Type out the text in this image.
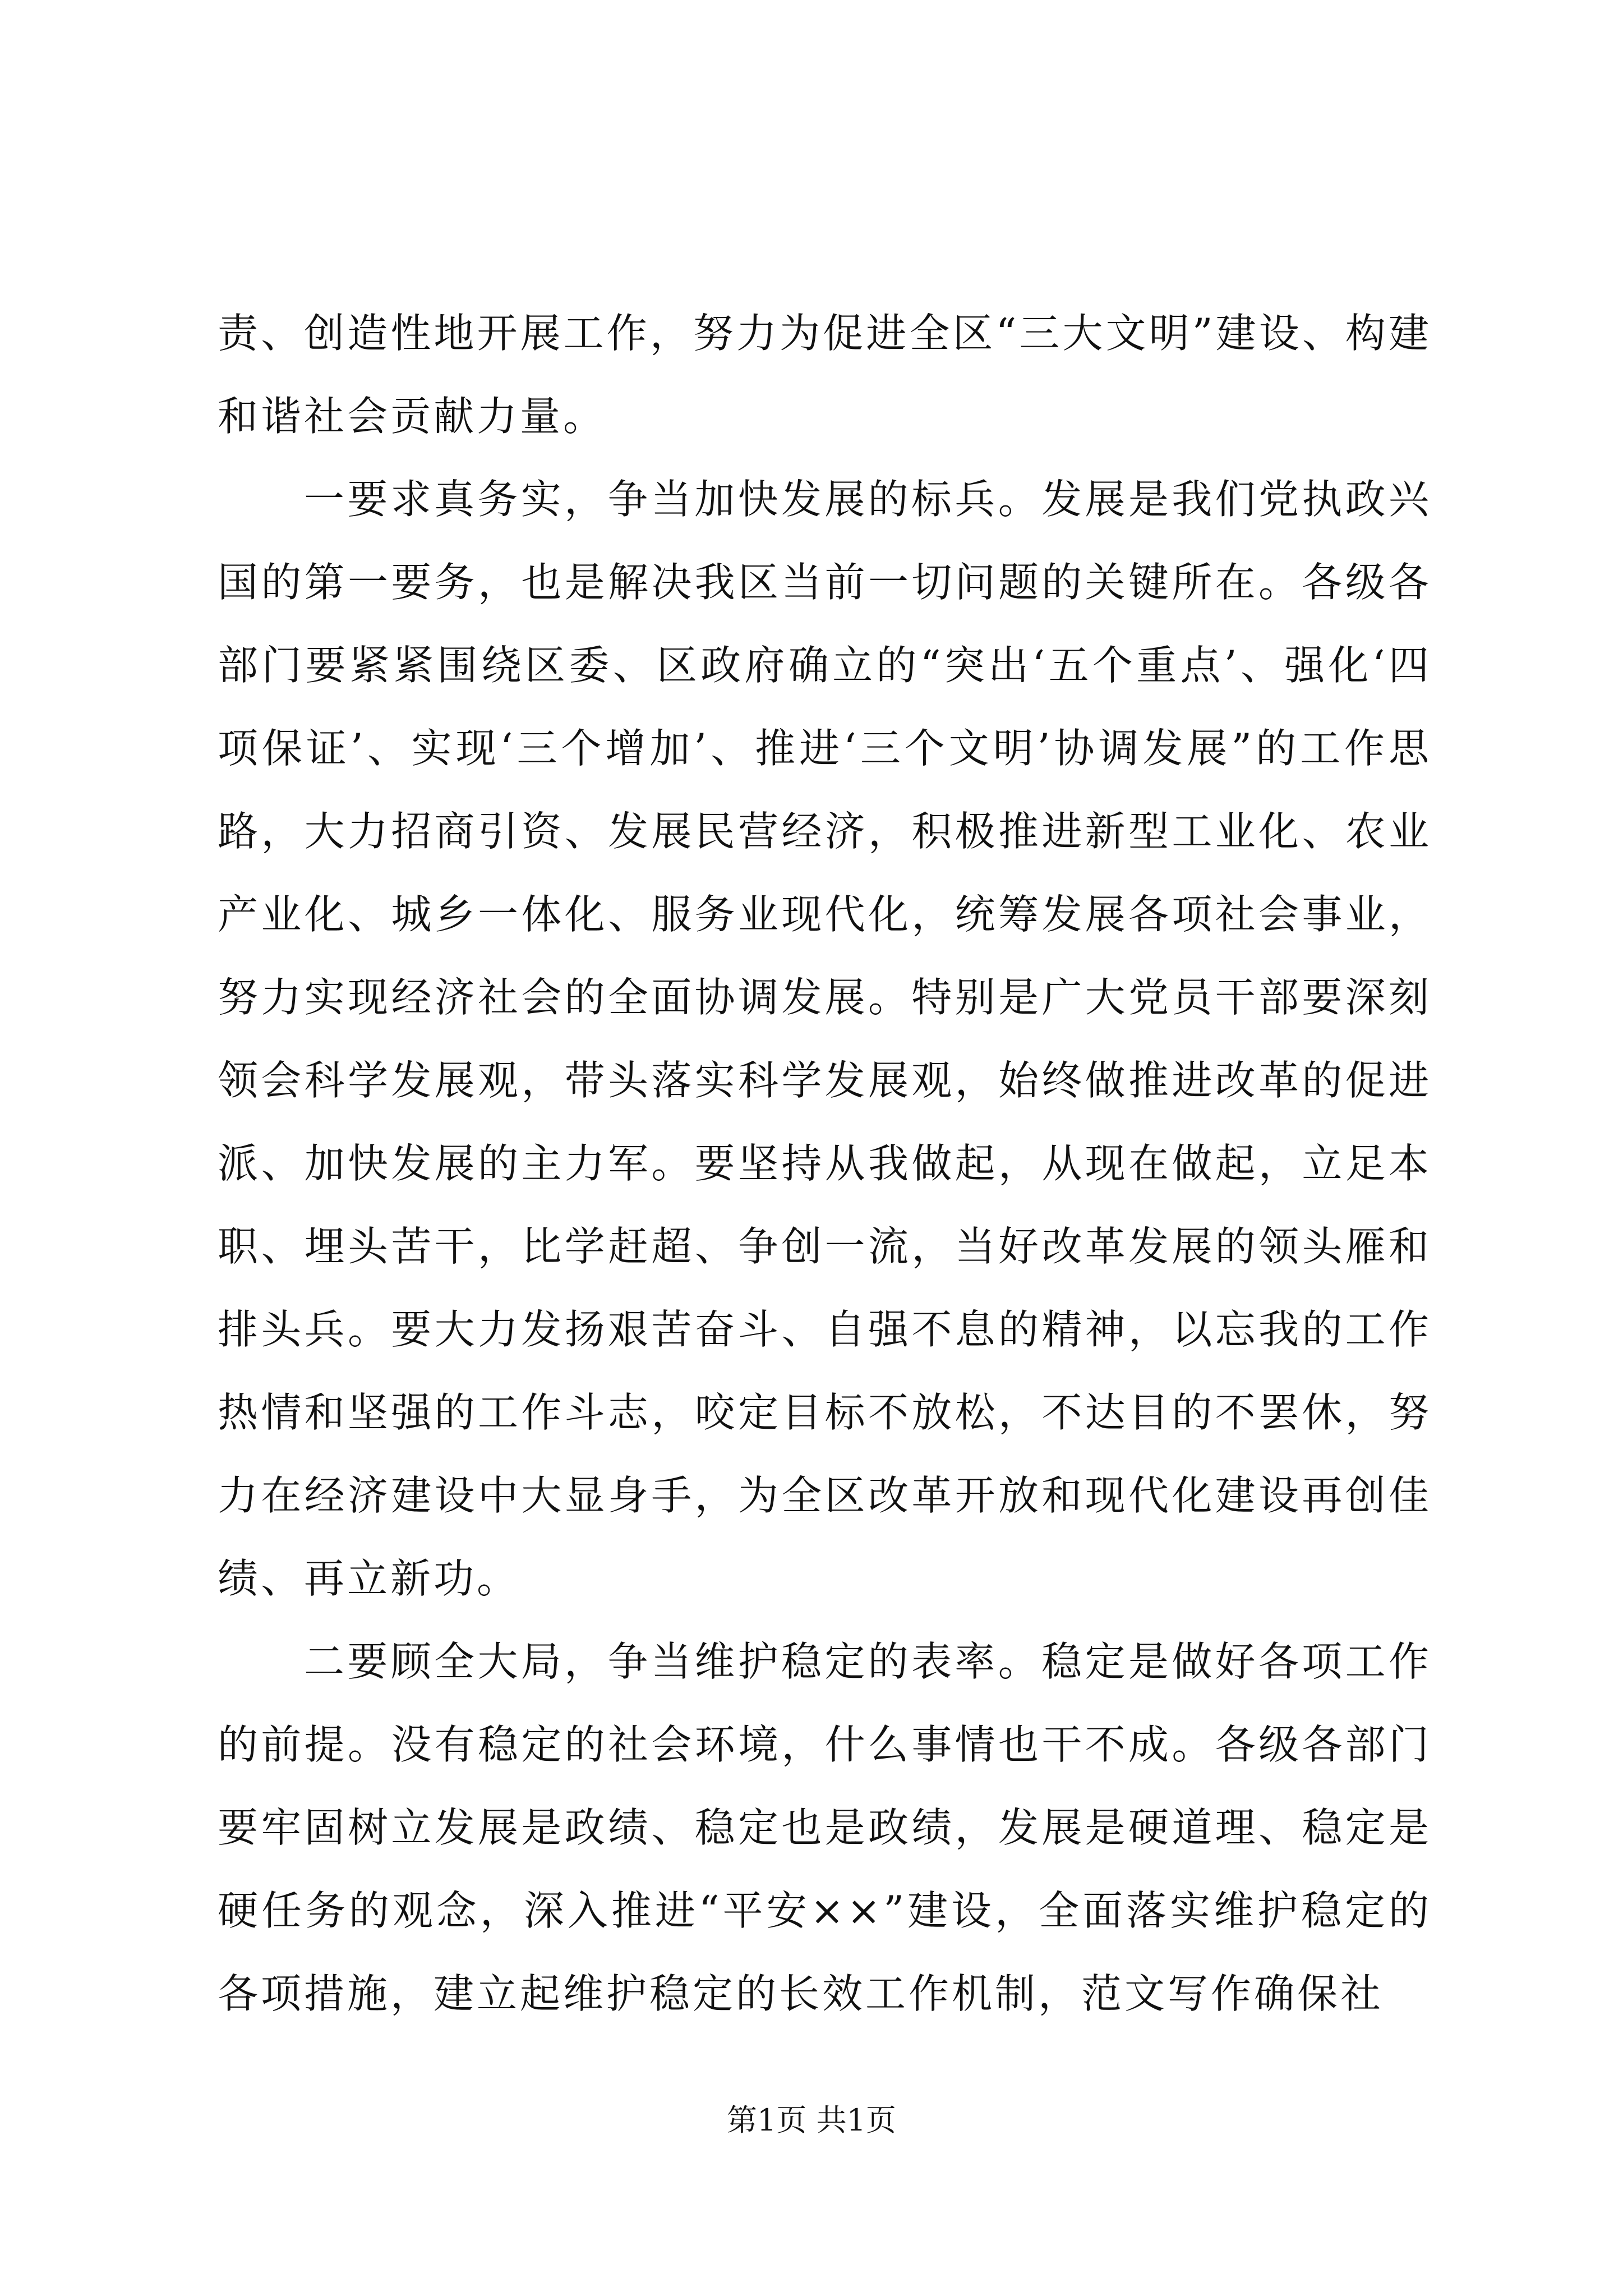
责、创造性地开展工作，努力为促进全区“三大文明”建设、构建和谐社会贡献力量。

一要求真务实，争当加快发展的标兵。发展是我们党执政兴国的第一要务，也是解决我区当前一切问题的关键所在。各级各部门要紧紧围绕区委、区政府确立的“突出‘五个重点’、强化‘四项保证’、实现‘三个增加’、推进‘三个文明’协调发展”的工作思路，大力招商引资、发展民营经济，积极推进新型工业化、农业产业化、城乡一体化、服务业现代化，统筹发展各项社会事业，努力实现经济社会的全面协调发展。特别是广大党员干部要深刻领会科学发展观，带头落实科学发展观，始终做推进改革的促进派、加快发展的主力军。要坚持从我做起，从现在做起，立足本职、埋头苦干，比学赶超、争创一流，当好改革发展的领头雁和排头兵。要大力发扬艰苦奋斗、自强不息的精神，以忘我的工作热情和坚强的工作斗志，咬定目标不放松，不达目的不罢休，努力在经济建设中大显身手，为全区改革开放和现代化建设再创佳绩、再立新功。

二要顾全大局，争当维护稳定的表率。稳定是做好各项工作的前提。没有稳定的社会环境，什么事情也干不成。各级各部门要牢固树立发展是政绩、稳定也是政绩，发展是硬道理、稳定是硬任务的观念，深入推进“平安××”建设，全面落实维护稳定的各项措施，建立起维护稳定的长效工作机制，范文写作确保社

第1页 共1页
